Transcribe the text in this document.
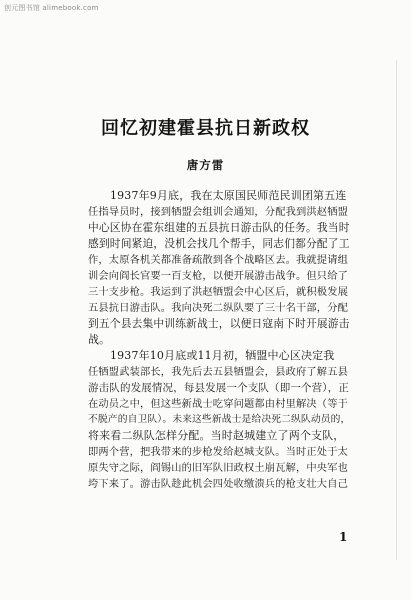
创元图书馆 alimebook.com
回忆初建霍县抗日新政权
唐方雷
1937年9月底，我在太原国民师范民训团第五连
任指导员时，接到牺盟会组训会通知，分配我到洪赵牺盟
中心区协在霍东组建的五县抗日游击队的任务。我当时
感到时间紧迫，没机会找几个帮手，同志们都分配了工
作，太原各机关都准备疏散到各个战略区去。我就提请组
训会向阎长官要一百支枪，以便开展游击战争。但只给了
三十支步枪。我运到了洪赵牺盟会中心区后，就积极发展
五县抗日游击队。我向决死二纵队要了三十名干部，分配
到五个县去集中训练新战士，以便日寇南下时开展游击
战。
1937年10月底或11月初，牺盟中心区决定我
任牺盟武装部长，我先后去五县牺盟会，县政府了解五县
游击队的发展情况，每县发展一个支队（即一个营），正
在动员之中，但这些新战士吃穿问题都由村里解决（等于
不脱产的自卫队）。未来这些新战士是给决死二纵队动员的，
将来看二纵队怎样分配。当时赵城建立了两个支队，
即两个营，把我带来的步枪发给赵城支队。当时正处于太
原失守之际，阎锡山的旧军队旧政权土崩瓦解，中央军也
垮下来了。游击队趁此机会四处收缴溃兵的枪支壮大自己
1
